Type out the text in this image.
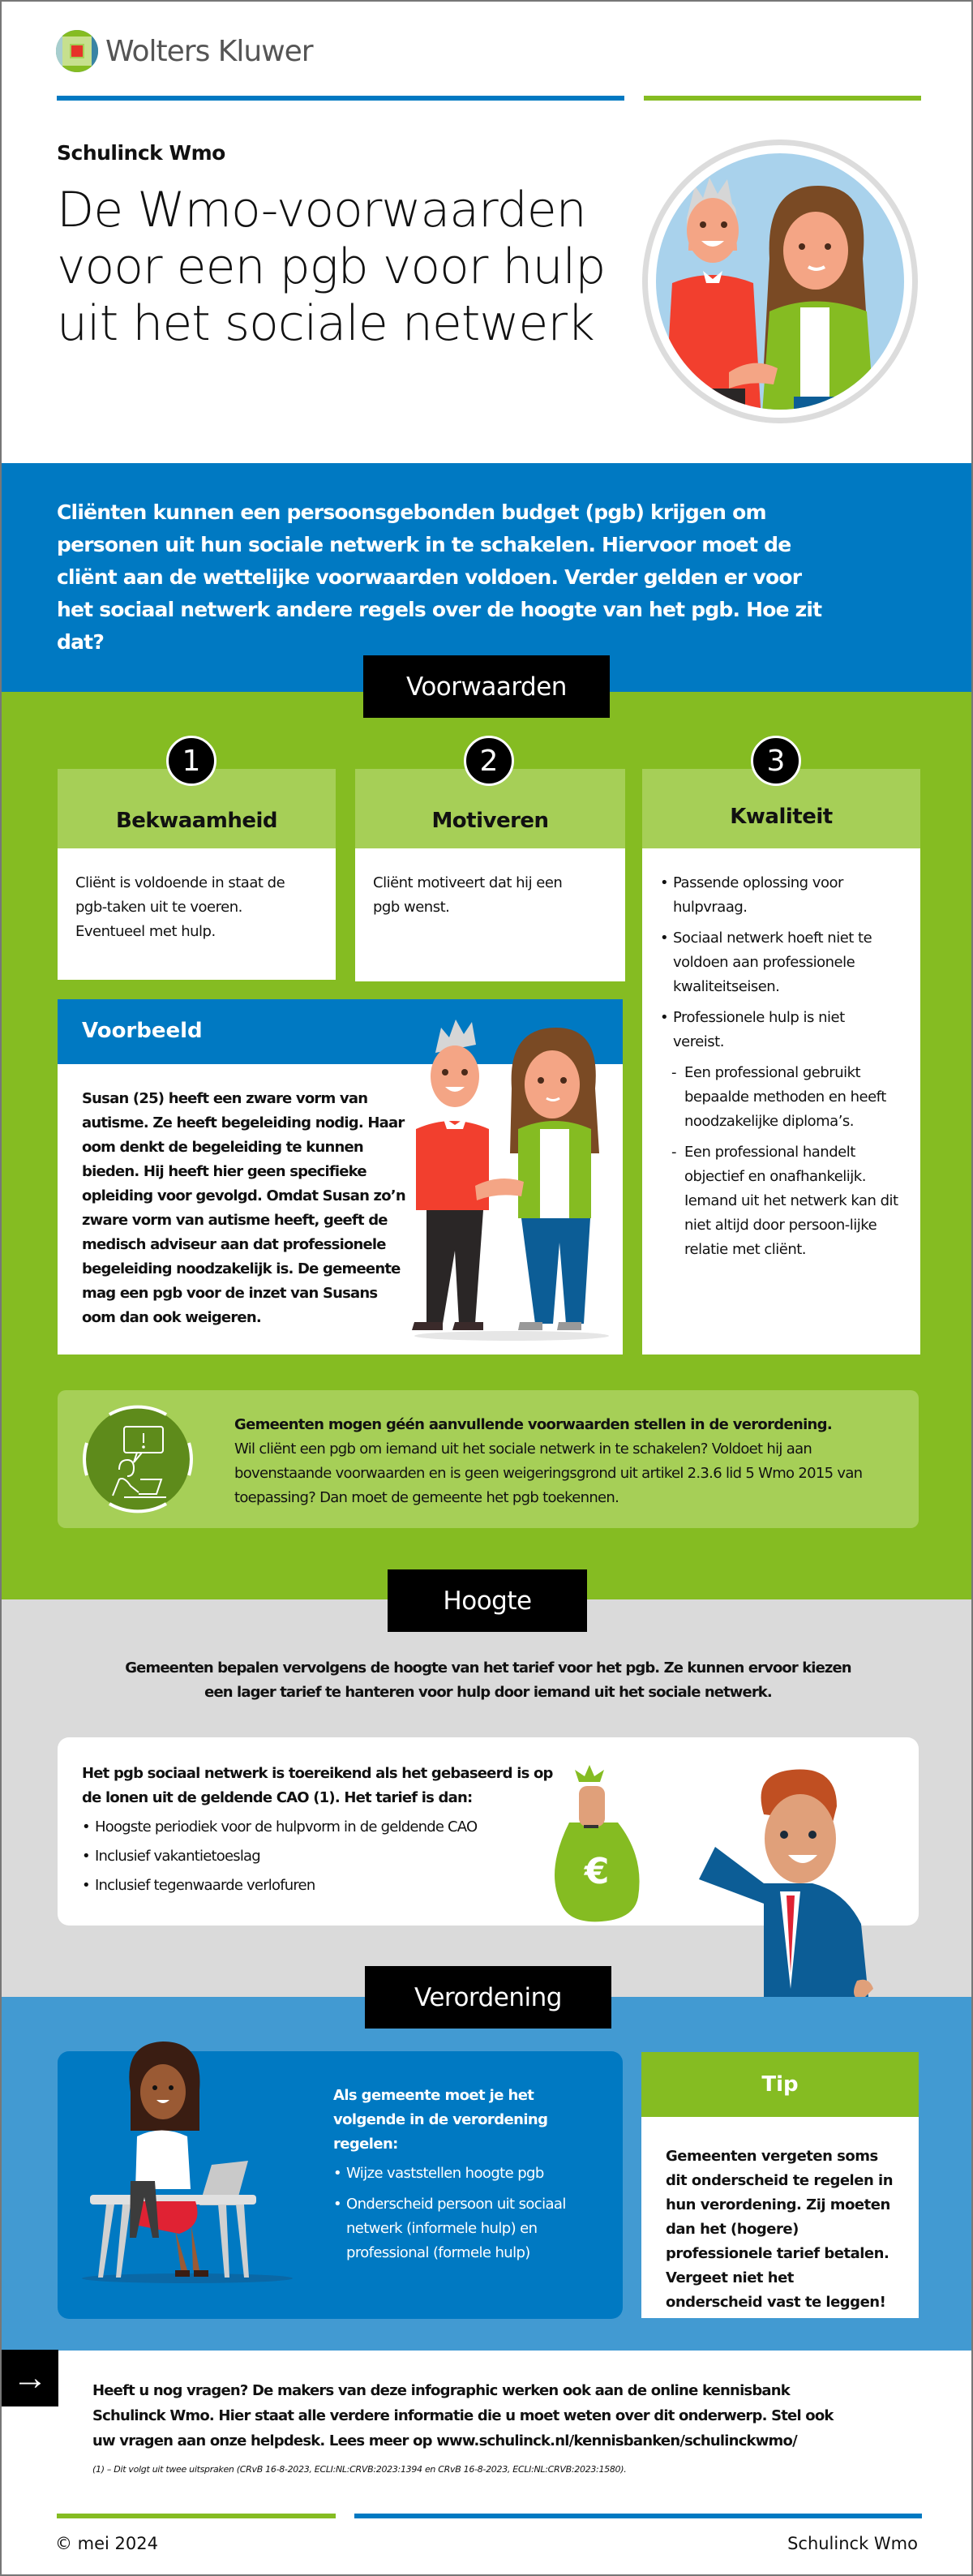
Wolters Kluwer
Schulinck Wmo
De Wmo-voorwaarden voor een pgb voor hulp uit het sociale netwerk

Cliënten kunnen een persoonsgebonden budget (pgb) krijgen om personen uit hun sociale netwerk in te schakelen. Hiervoor moet de cliënt aan de wettelijke voorwaarden voldoen. Verder gelden er voor het sociaal netwerk andere regels over de hoogte van het pgb. Hoe zit dat?

Voorwaarden
Bekwaamheid
Cliënt is voldoende in staat de pgb-taken uit te voeren. Eventueel met hulp.
1
Motiveren
Cliënt motiveert dat hij een pgb wenst.
2
Kwaliteit
• Passende oplossing voor hulpvraag.
• Sociaal netwerk hoeft niet te voldoen aan professionele kwaliteitseisen.
• Professionele hulp is niet vereist.
- Een professional gebruikt bepaalde methoden en heeft noodzakelijke diploma’s.
- Een professional handelt objectief en onafhankelijk. Iemand uit het netwerk kan dit niet altijd door persoon-lijke relatie met cliënt.
3
Voorbeeld

Susan (25) heeft een zware vorm van autisme. Ze heeft begeleiding nodig. Haar oom denkt de begeleiding te kunnen bieden. Hij heeft hier geen specifieke opleiding voor gevolgd. Omdat Susan zo’n zware vorm van autisme heeft, geeft de medisch adviseur aan dat professionele begeleiding noodzakelijk is. De gemeente mag een pgb voor de inzet van Susans oom dan ook weigeren.

Gemeenten mogen géén aanvullende voorwaarden stellen in de verordening.
Wil cliënt een pgb om iemand uit het sociale netwerk in te schakelen? Voldoet hij aan bovenstaande voorwaarden en is geen weigeringsgrond uit artikel 2.3.6 lid 5 Wmo 2015 van toepassing? Dan moet de gemeente het pgb toekennen.
Hoogte

Gemeenten bepalen vervolgens de hoogte van het tarief voor het pgb. Ze kunnen ervoor kiezen een lager tarief te hanteren voor hulp door iemand uit het sociale netwerk.

Het pgb sociaal netwerk is toereikend als het gebaseerd is op de lonen uit de geldende CAO (1). Het tarief is dan:
• Hoogste periodiek voor de hulpvorm in de geldende CAO
• Inclusief vakantietoeslag
• Inclusief tegenwaarde verlofuren	€
Verordening
Als gemeente moet je het volgende in de verordening regelen:
• Wijze vaststellen hoogte pgb
• Onderscheid persoon uit sociaal netwerk (informele hulp) en professional (formele hulp)
Tip

Gemeenten vergeten soms dit onderscheid te regelen in hun verordening. Zij moeten dan het (hogere) professionele tarief betalen. Vergeet niet het onderscheid vast te leggen!

→	Heeft u nog vragen? De makers van deze infographic werken ook aan de online kennisbank Schulinck Wmo. Hier staat alle verdere informatie die u moet weten over dit onderwerp. Stel ook uw vragen aan onze helpdesk. Lees meer op www.schulinck.nl/kennisbanken/schulinckwmo/

(1) – Dit volgt uit twee uitspraken (CRvB 16-8-2023, ECLI:NL:CRVB:2023:1394 en CRvB 16-8-2023, ECLI:NL:CRVB:2023:1580).

© mei 2024	Schulinck Wmo
